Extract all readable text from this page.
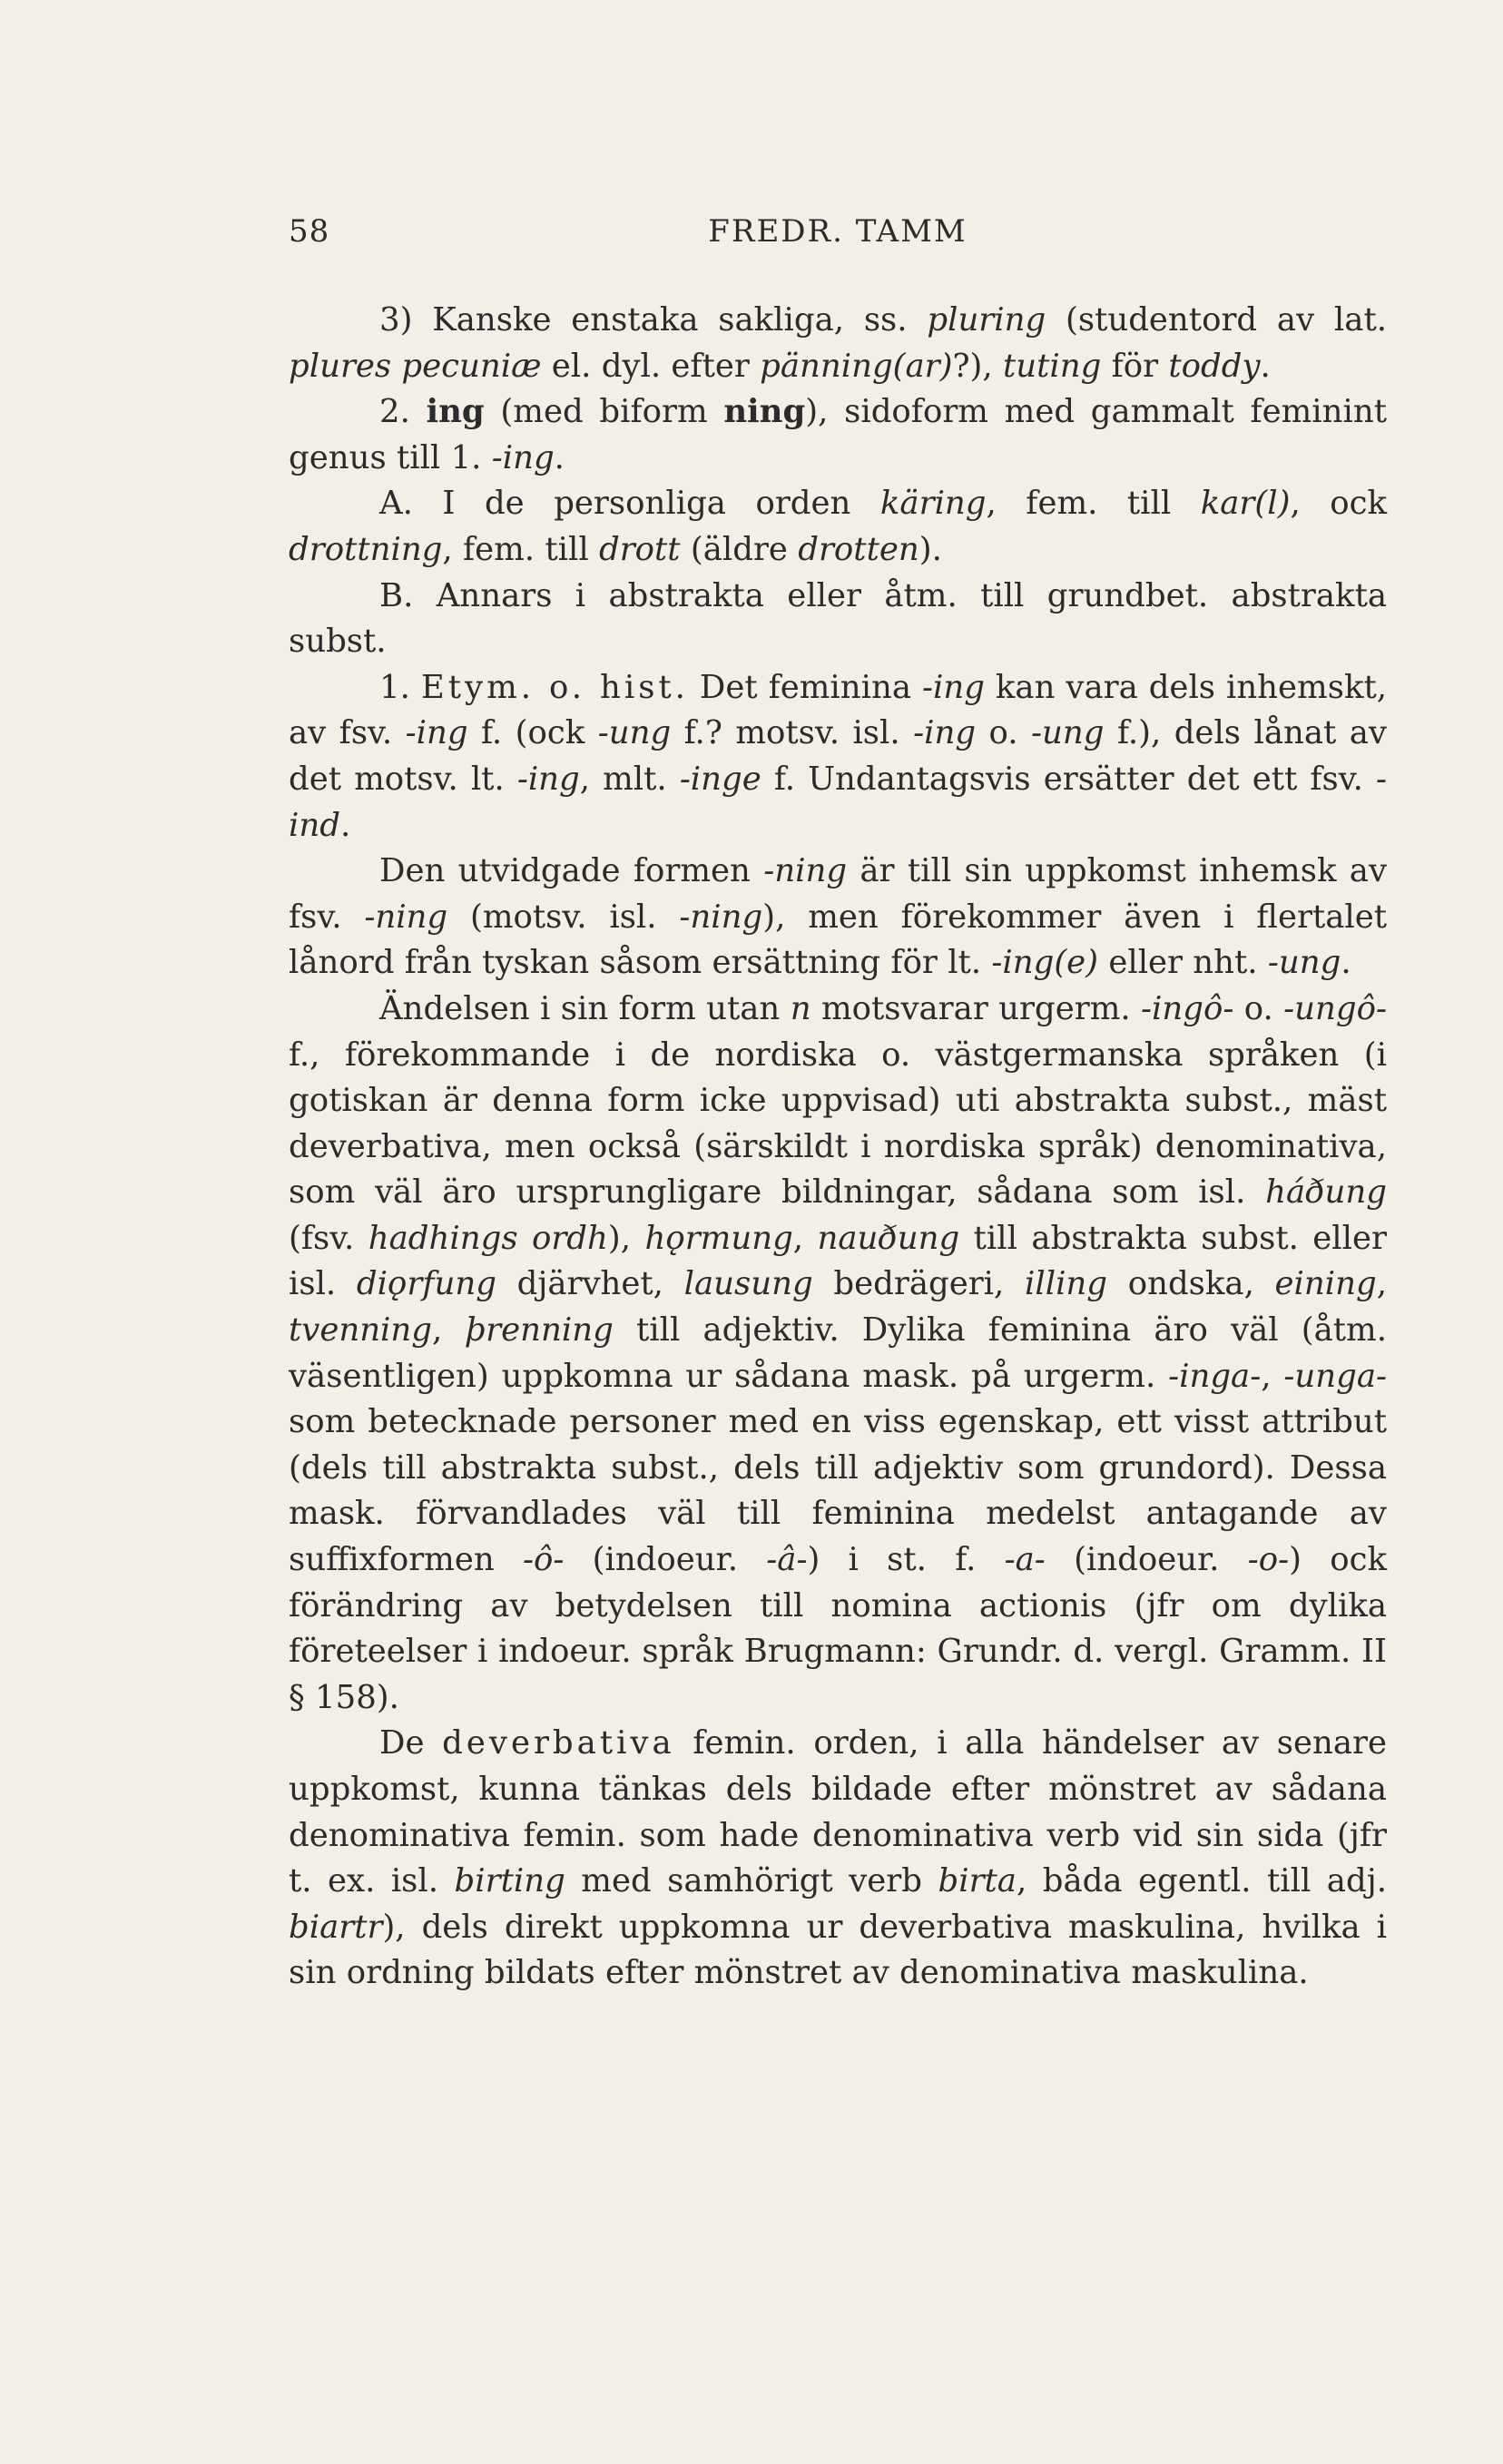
58	FREDR. TAMM

3) Kanske enstaka sakliga, ss. pluring (studentord av lat. plures pecuniæ el. dyl. efter pänning(ar)?), tuting för toddy.

2. ing (med biform ning), sidoform med gammalt feminint genus till 1. -ing.

A. I de personliga orden käring, fem. till kar(l), ock drottning, fem. till drott (äldre drotten).

B. Annars i abstrakta eller åtm. till grundbet. abstrakta subst.

1. Etym. o. hist. Det feminina -ing kan vara dels inhemskt, av fsv. -ing f. (ock -ung f.? motsv. isl. -ing o. -ung f.), dels lånat av det motsv. lt. -ing, mlt. -inge f. Undantagsvis ersätter det ett fsv. -ind.

Den utvidgade formen -ning är till sin uppkomst inhemsk av fsv. -ning (motsv. isl. -ning), men förekommer även i flertalet lånord från tyskan såsom ersättning för lt. -ing(e) eller nht. -ung.

Ändelsen i sin form utan n motsvarar urgerm. -ingô- o. -ungô- f., förekommande i de nordiska o. västgermanska språken (i gotiskan är denna form icke uppvisad) uti abstrakta subst., mäst deverbativa, men också (särskildt i nordiska språk) denominativa, som väl äro ursprungligare bildningar, sådana som isl. háðung (fsv. hadhings ordh), hǫrmung, nauðung till abstrakta subst. eller isl. diǫrfung djärvhet, lausung bedrägeri, illing ondska, eining, tvenning, þrenning till adjektiv. Dylika feminina äro väl (åtm. väsentligen) uppkomna ur sådana mask. på urgerm. -inga-, -unga- som betecknade personer med en viss egenskap, ett visst attribut (dels till abstrakta subst., dels till adjektiv som grundord). Dessa mask. förvandlades väl till feminina medelst antagande av suffixformen -ô- (indoeur. -â-) i st. f. -a- (indoeur. -o-) ock förändring av betydelsen till nomina actionis (jfr om dylika företeelser i indoeur. språk Brugmann: Grundr. d. vergl. Gramm. II § 158).

De deverbativa femin. orden, i alla händelser av senare uppkomst, kunna tänkas dels bildade efter mönstret av sådana denominativa femin. som hade denominativa verb vid sin sida (jfr t. ex. isl. birting med samhörigt verb birta, båda egentl. till adj. biartr), dels direkt uppkomna ur deverbativa maskulina, hvilka i sin ordning bildats efter mönstret av denominativa maskulina.
